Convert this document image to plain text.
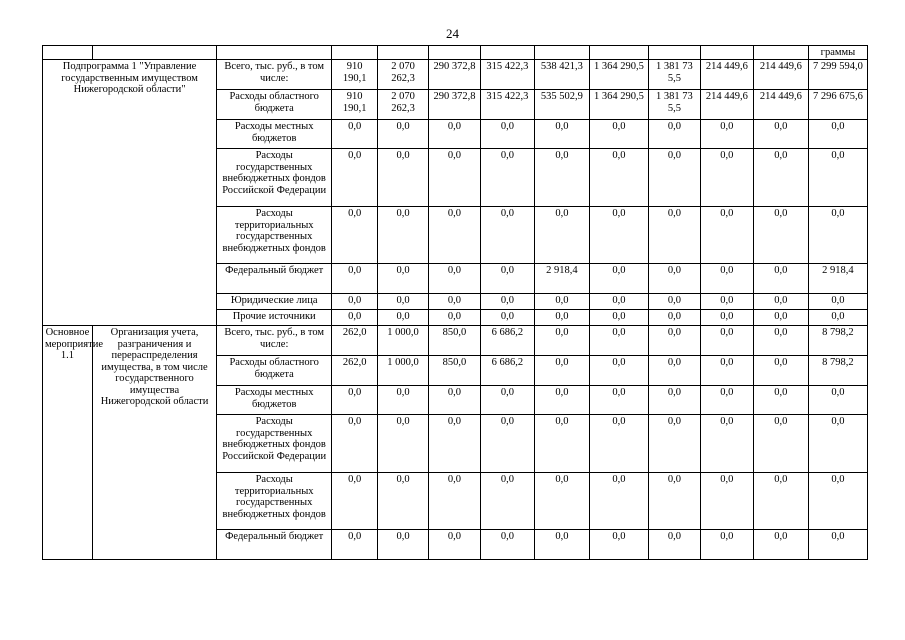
24
												граммы
Подпрограмма 1 "Управление государственным имуществом Нижегородской области"		Всего, тыс. руб., в том числе:	910 190,1	2 070 262,3	290 372,8	315 422,3	538 421,3	1 364 290,5	1 381 73 5,5	214 449,6	214 449,6	7 299 594,0
		Расходы областного бюджета	910 190,1	2 070 262,3	290 372,8	315 422,3	535 502,9	1 364 290,5	1 381 73 5,5	214 449,6	214 449,6	7 296 675,6
		Расходы местных бюджетов	0,0	0,0	0,0	0,0	0,0	0,0	0,0	0,0	0,0	0,0
		Расходы государственных внебюджетных фондов Российской Федерации	0,0	0,0	0,0	0,0	0,0	0,0	0,0	0,0	0,0	0,0
		Расходы территориальных государственных внебюджетных фондов	0,0	0,0	0,0	0,0	0,0	0,0	0,0	0,0	0,0	0,0
		Федеральный бюджет	0,0	0,0	0,0	0,0	2 918,4	0,0	0,0	0,0	0,0	2 918,4
		Юридические лица	0,0	0,0	0,0	0,0	0,0	0,0	0,0	0,0	0,0	0,0
		Прочие источники	0,0	0,0	0,0	0,0	0,0	0,0	0,0	0,0	0,0	0,0
Основное мероприятие 1.1	Организация учета, разграничения и перераспределения имущества, в том числе государственного имущества Нижегородской области	Всего, тыс. руб., в том числе:	262,0	1 000,0	850,0	6 686,2	0,0	0,0	0,0	0,0	0,0	8 798,2
		Расходы областного бюджета	262,0	1 000,0	850,0	6 686,2	0,0	0,0	0,0	0,0	0,0	8 798,2
		Расходы местных бюджетов	0,0	0,0	0,0	0,0	0,0	0,0	0,0	0,0	0,0	0,0
		Расходы государственных внебюджетных фондов Российской Федерации	0,0	0,0	0,0	0,0	0,0	0,0	0,0	0,0	0,0	0,0
		Расходы территориальных государственных внебюджетных фондов	0,0	0,0	0,0	0,0	0,0	0,0	0,0	0,0	0,0	0,0
		Федеральный бюджет	0,0	0,0	0,0	0,0	0,0	0,0	0,0	0,0	0,0	0,0
